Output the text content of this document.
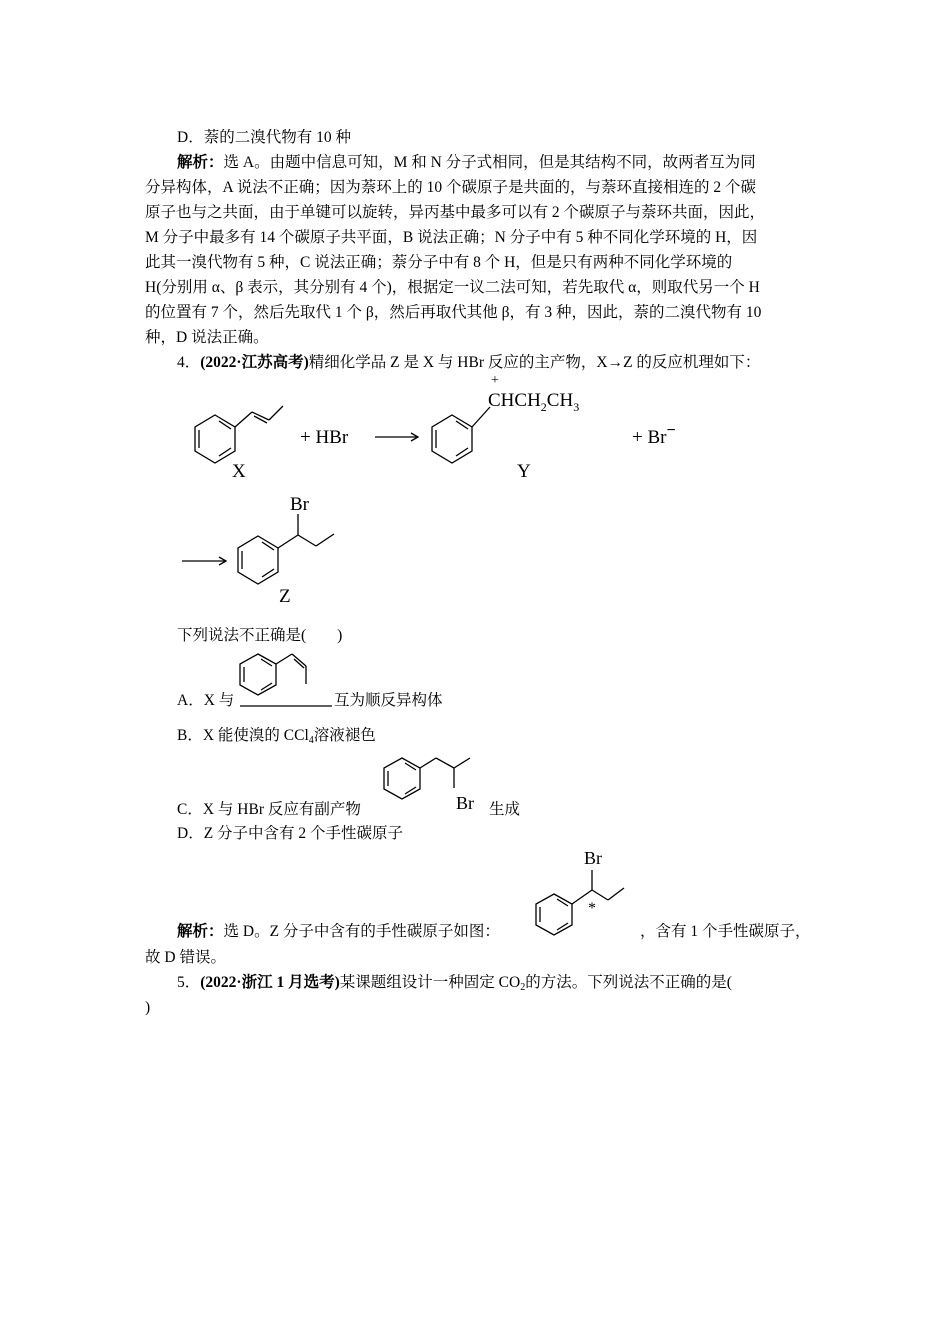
D．萘的二溴代物有 10 种
解析：选 A。由题中信息可知，M 和 N 分子式相同，但是其结构不同，故两者互为同
分异构体，A 说法不正确；因为萘环上的 10 个碳原子是共面的，与萘环直接相连的 2 个碳
原子也与之共面，由于单键可以旋转，异丙基中最多可以有 2 个碳原子与萘环共面，因此，
M 分子中最多有 14 个碳原子共平面，B 说法正确；N 分子中有 5 种不同化学环境的 H，因
此其一溴代物有 5 种，C 说法正确；萘分子中有 8 个 H，但是只有两种不同化学环境的
H(分别用 α、β 表示，其分别有 4 个)，根据定一议二法可知，若先取代 α，则取代另一个 H
的位置有 7 个，然后先取代 1 个 β，然后再取代其他 β，有 3 种，因此，萘的二溴代物有 10
种，D 说法正确。
4．(2022·江苏高考)精细化学品 Z 是 X 与 HBr 反应的主产物，X→Z 的反应机理如下：
X
+ HBr
+
$CHCH_2CH_3$
Y
+ Br−
Br
Z
下列说法不正确是(　　)
A．X 与	互为顺反异构体
B．X 能使溴的 CCl$_4$溶液褪色
C．X 与 HBr 反应有副产物	Br 生成
D．Z 分子中含有 2 个手性碳原子
解析：选 D。Z 分子中含有的手性碳原子如图：
Br
*
，含有 1 个手性碳原子，
故 D 错误。
5．(2022·浙江 1 月选考)某课题组设计一种固定 $CO_2$的方法。下列说法不正确的是(
)
